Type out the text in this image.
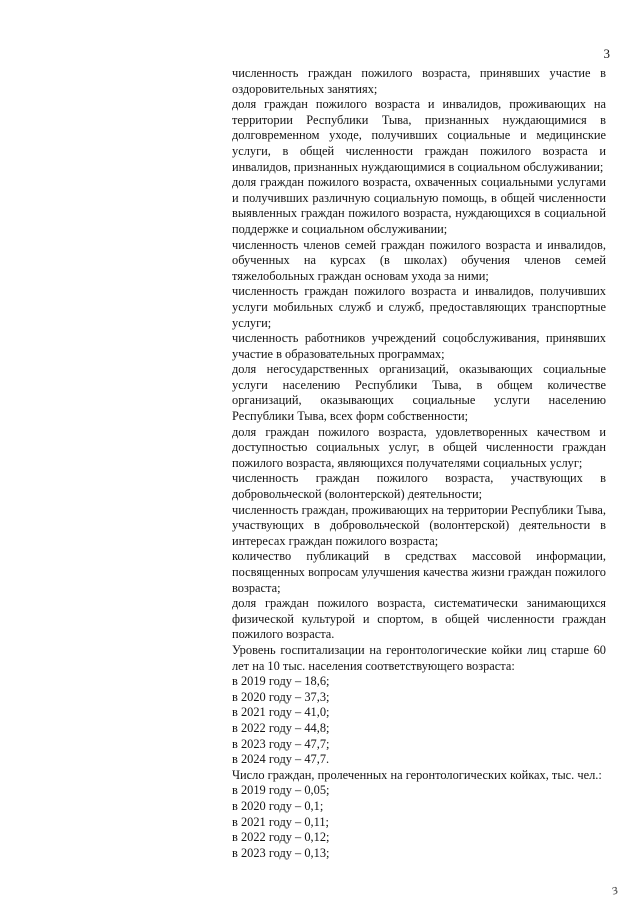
3

численность граждан пожилого возраста, принявших участие в оздоровительных занятиях;

доля граждан пожилого возраста и инвалидов, проживающих на территории Республики Тыва, признанных нуждающимися в долговременном уходе, получивших социальные и медицинские услуги, в общей численности граждан пожилого возраста и инвалидов, признанных нуждающимися в социальном обслуживании;

доля граждан пожилого возраста, охваченных социальными услугами и получивших различную социальную помощь, в общей численности выявленных граждан пожилого возраста, нуждающихся в социальной поддержке и социальном обслуживании;

численность членов семей граждан пожилого возраста и инвалидов, обученных на курсах (в школах) обучения членов семей тяжелобольных граждан основам ухода за ними;

численность граждан пожилого возраста и инвалидов, получивших услуги мобильных служб и служб, предоставляющих транспортные услуги;

численность работников учреждений соцобслуживания, принявших участие в образовательных программах;

доля негосударственных организаций, оказывающих социальные услуги населению Республики Тыва, в общем количестве организаций, оказывающих социальные услуги населению Республики Тыва, всех форм собственности;

доля граждан пожилого возраста, удовлетворенных качеством и доступностью социальных услуг, в общей численности граждан пожилого возраста, являющихся получателями социальных услуг;

численность граждан пожилого возраста, участвующих в добровольческой (волонтерской) деятельности;

численность граждан, проживающих на территории Республики Тыва, участвующих в добровольческой (волонтерской) деятельности в интересах граждан пожилого возраста;

количество публикаций в средствах массовой информации, посвященных вопросам улучшения качества жизни граждан пожилого возраста;

доля граждан пожилого возраста, систематически занимающихся физической культурой и спортом, в общей численности граждан пожилого возраста.

Уровень госпитализации на геронтологические койки лиц старше 60 лет на 10 тыс. населения соответствующего возраста:

в 2019 году – 18,6;

в 2020 году – 37,3;

в 2021 году – 41,0;

в 2022 году – 44,8;

в 2023 году – 47,7;

в 2024 году – 47,7.

Число граждан, пролеченных на геронтологических койках, тыс. чел.:

в 2019 году – 0,05;

в 2020 году – 0,1;

в 2021 году – 0,11;

в 2022 году – 0,12;

в 2023 году – 0,13;

з
